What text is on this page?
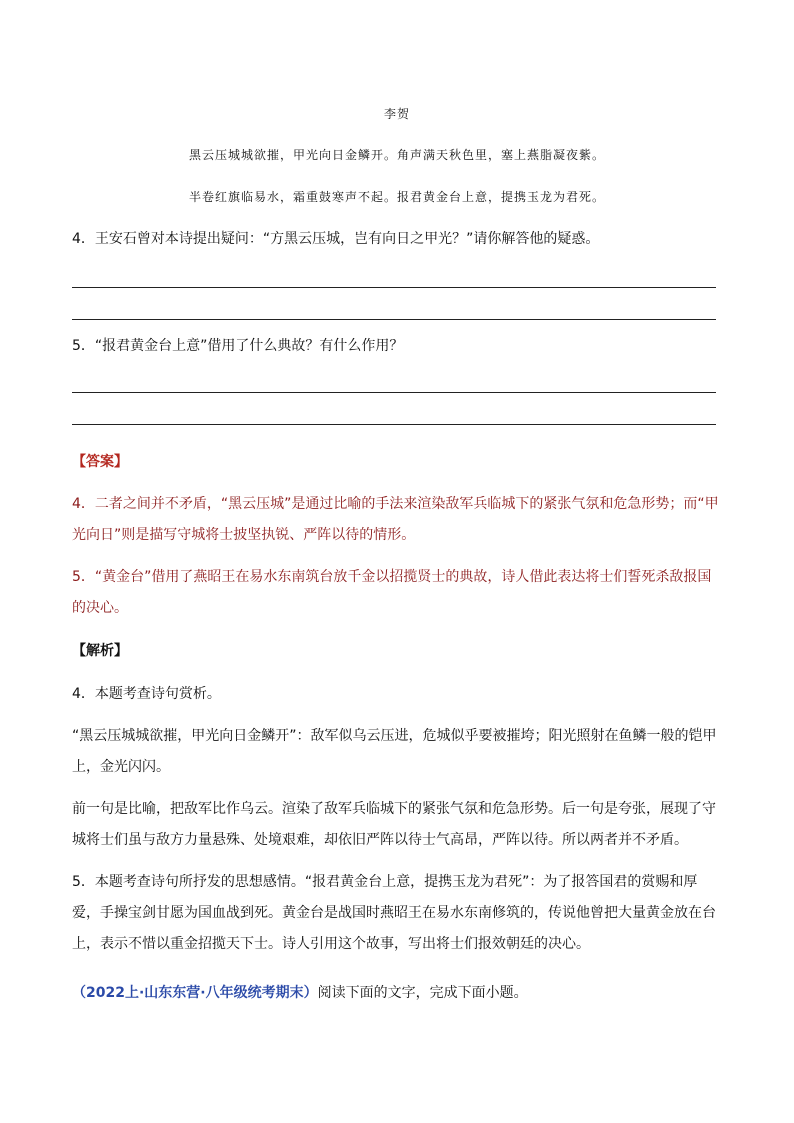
李贺
黑云压城城欲摧，甲光向日金鳞开。角声满天秋色里，塞上燕脂凝夜紫。
半卷红旗临易水，霜重鼓寒声不起。报君黄金台上意，提携玉龙为君死。
4．王安石曾对本诗提出疑问：“方黑云压城，岂有向日之甲光？”请你解答他的疑惑。
5．“报君黄金台上意”借用了什么典故？有什么作用？
【答案】
4．二者之间并不矛盾，“黑云压城”是通过比喻的手法来渲染敌军兵临城下的紧张气氛和危急形势；而“甲光向日”则是描写守城将士披坚执锐、严阵以待的情形。
5．“黄金台”借用了燕昭王在易水东南筑台放千金以招揽贤士的典故，诗人借此表达将士们誓死杀敌报国的决心。
【解析】
4．本题考查诗句赏析。
“黑云压城城欲摧，甲光向日金鳞开”：敌军似乌云压进，危城似乎要被摧垮；阳光照射在鱼鳞一般的铠甲上，金光闪闪。
前一句是比喻，把敌军比作乌云。渲染了敌军兵临城下的紧张气氛和危急形势。后一句是夸张，展现了守城将士们虽与敌方力量悬殊、处境艰难，却依旧严阵以待士气高昂，严阵以待。所以两者并不矛盾。
5．本题考查诗句所抒发的思想感情。“报君黄金台上意，提携玉龙为君死”：为了报答国君的赏赐和厚爱，手操宝剑甘愿为国血战到死。黄金台是战国时燕昭王在易水东南修筑的，传说他曾把大量黄金放在台上，表示不惜以重金招揽天下士。诗人引用这个故事，写出将士们报效朝廷的决心。
（2022上·山东东营·八年级统考期末）阅读下面的文字，完成下面小题。
